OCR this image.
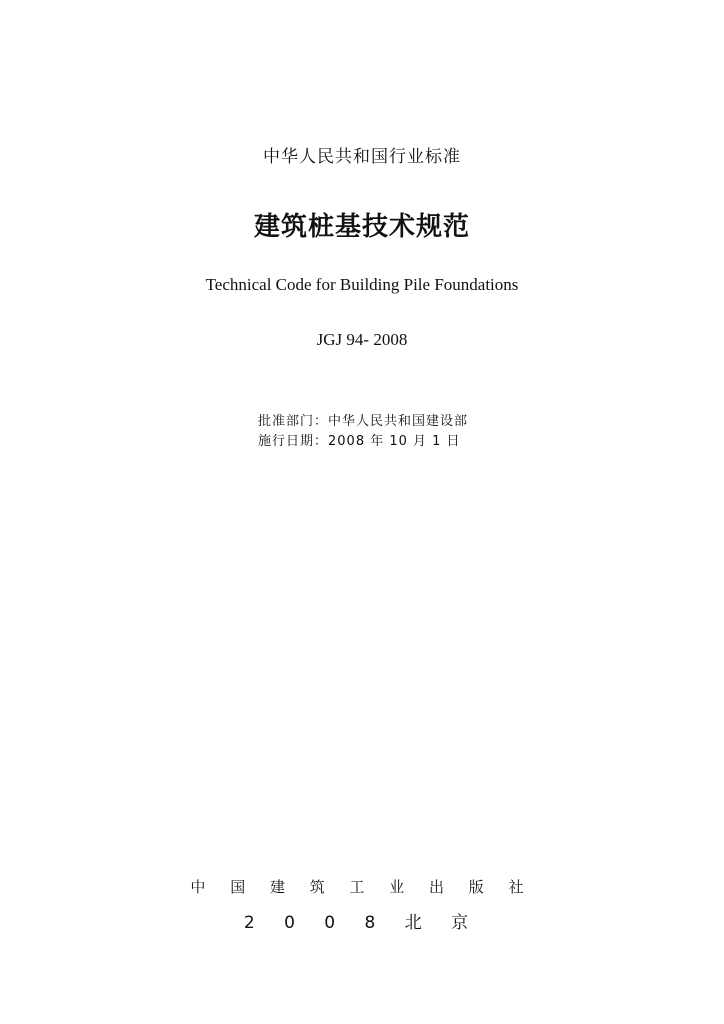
中华人民共和国行业标准
建筑桩基技术规范
Technical Code for Building Pile Foundations
JGJ 94- 2008
批准部门：中华人民共和国建设部
施行日期：2008 年 10 月 1 日
中 国 建 筑 工 业 出 版 社
2 0 0 8 北 京
